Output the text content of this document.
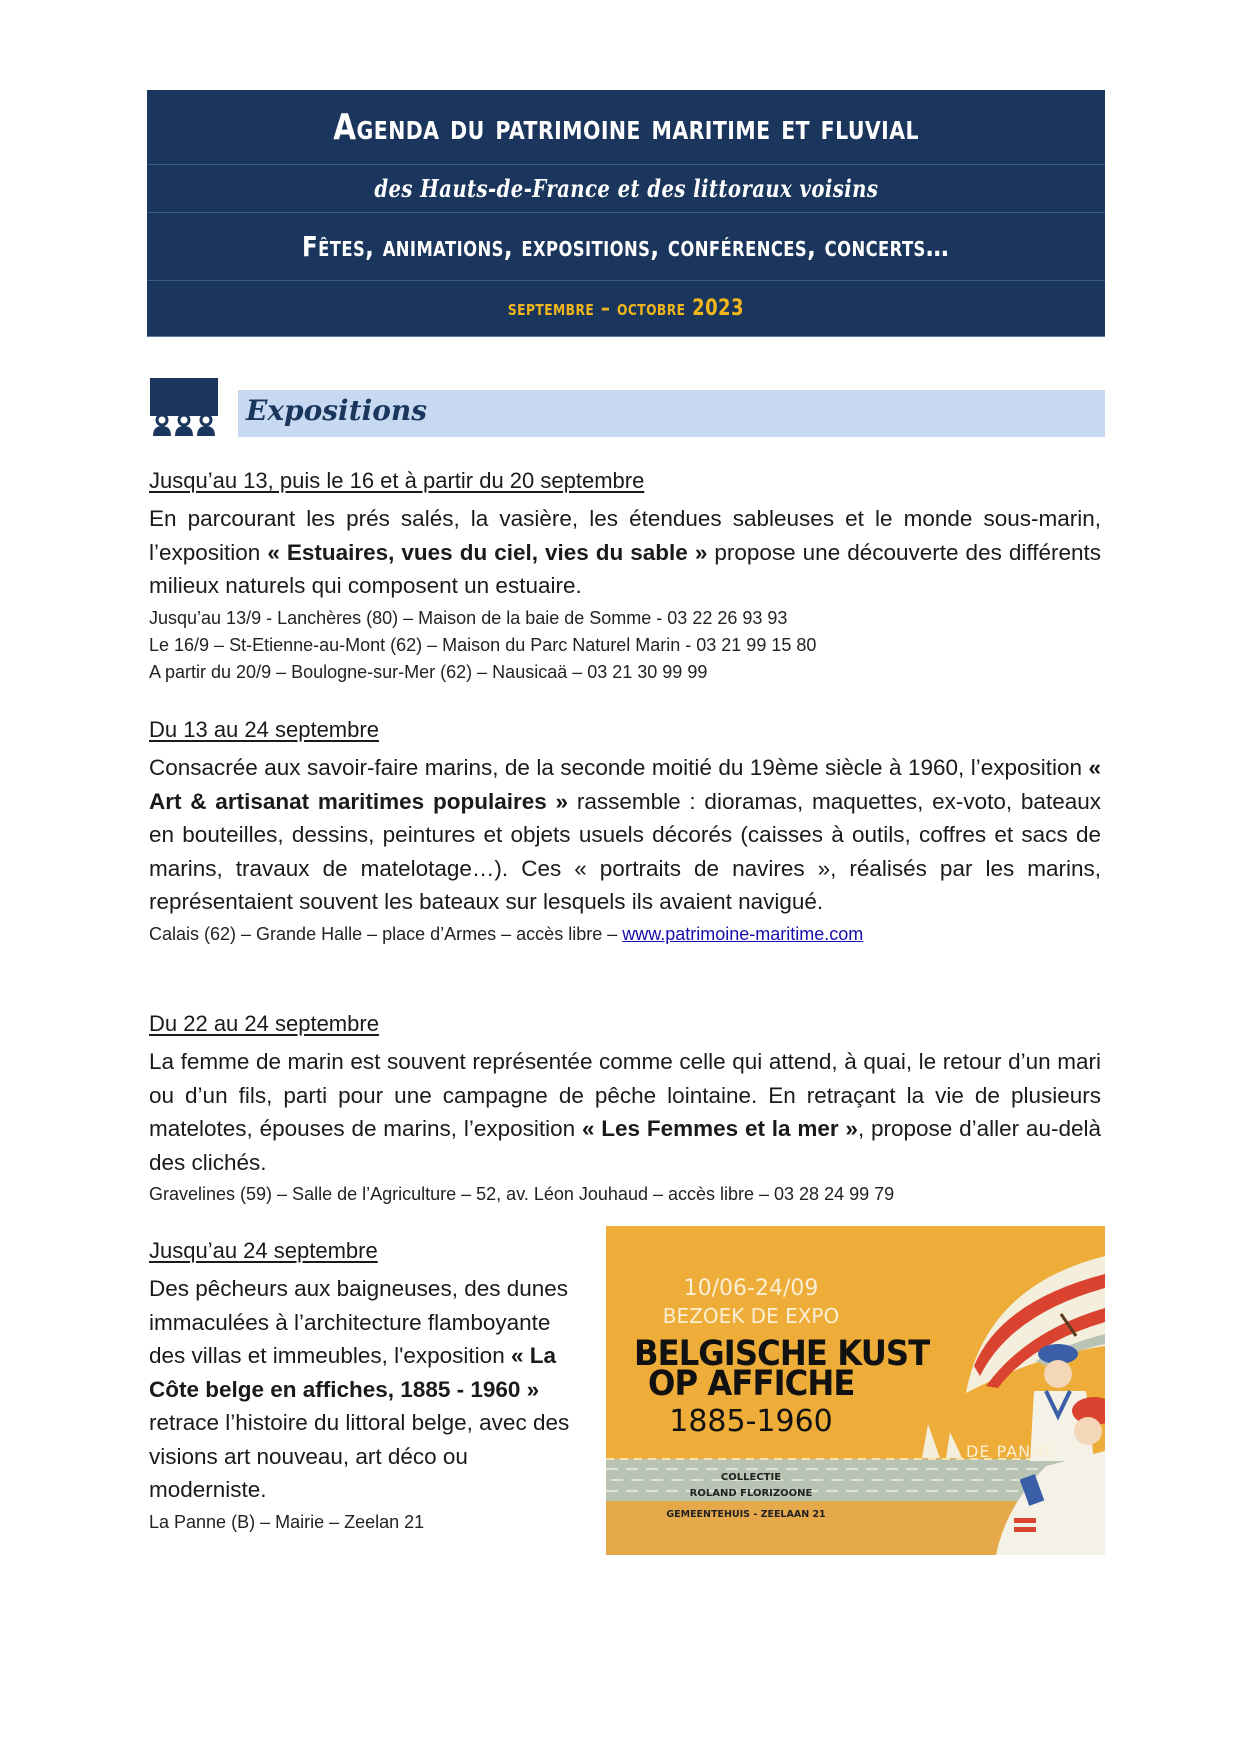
Agenda du patrimoine maritime et fluvial
des Hauts-de-France et des littoraux voisins
Fêtes, animations, expositions, conférences, concerts…
septembre – octobre 2023
Expositions

Jusqu’au 13, puis le 16 et à partir du 20 septembre

En parcourant les prés salés, la vasière, les étendues sableuses et le monde sous-marin, l’exposition « Estuaires, vues du ciel, vies du sable » propose une découverte des différents milieux naturels qui composent un estuaire.

Jusqu’au 13/9 - Lanchères (80) – Maison de la baie de Somme - 03 22 26 93 93
Le 16/9 – St-Etienne-au-Mont (62) – Maison du Parc Naturel Marin - 03 21 99 15 80
A partir du 20/9 – Boulogne-sur-Mer (62) – Nausicaä – 03 21 30 99 99

Du 13 au 24 septembre

Consacrée aux savoir-faire marins, de la seconde moitié du 19ème siècle à 1960, l’exposition « Art & artisanat maritimes populaires » rassemble : dioramas, maquettes, ex-voto, bateaux en bouteilles, dessins, peintures et objets usuels décorés (caisses à outils, coffres et sacs de marins, travaux de matelotage…). Ces « portraits de navires », réalisés par les marins, représentaient souvent les bateaux sur lesquels ils avaient navigué.

Calais (62) – Grande Halle – place d’Armes – accès libre – www.patrimoine-maritime.com

Du 22 au 24 septembre

La femme de marin est souvent représentée comme celle qui attend, à quai, le retour d’un mari ou d’un fils, parti pour une campagne de pêche lointaine. En retraçant la vie de plusieurs matelotes, épouses de marins, l’exposition « Les Femmes et la mer », propose d’aller au-delà des clichés.

Gravelines (59) – Salle de l’Agriculture – 52, av. Léon Jouhaud – accès libre – 03 28 24 99 79

Jusqu’au 24 septembre

Des pêcheurs aux baigneuses, des dunes immaculées à l’architecture flamboyante des villas et immeubles, l'exposition « La Côte belge en affiches, 1885 - 1960 » retrace l’histoire du littoral belge, avec des visions art nouveau, art déco ou moderniste.

La Panne (B) – Mairie – Zeelan 21
10/06-24/09
BEZOEK DE EXPO
BELGISCHE KUST
OP AFFICHE
1885-1960
COLLECTIE
ROLAND FLORIZOONE
GEMEENTEHUIS - ZEELAAN 21
DE PANNE
